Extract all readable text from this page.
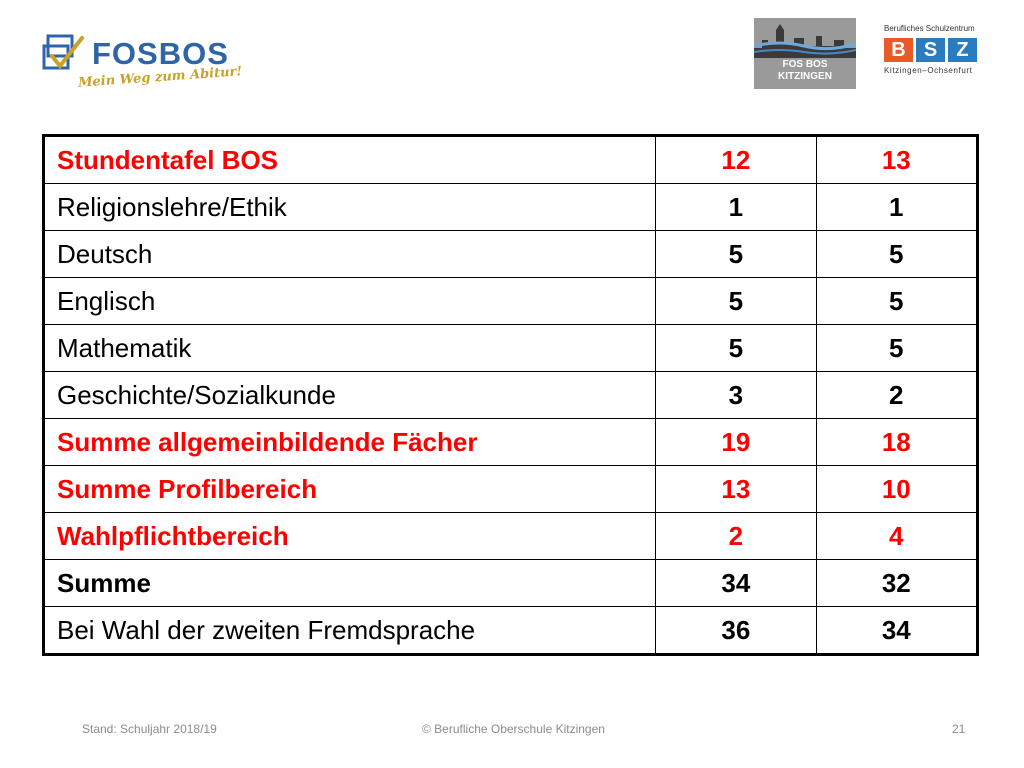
FOSBOS
Mein Weg zum Abitur!	FOS BOS
KITZINGEN
Berufliches Schulzentrum
B S Z
Kitzingen–Ochsenfurt
Stundentafel BOS	12	13
Religionslehre/Ethik	1	1
Deutsch	5	5
Englisch	5	5
Mathematik	5	5
Geschichte/Sozialkunde	3	2
Summe allgemeinbildende Fächer	19	18
Summe Profilbereich	13	10
Wahlpflichtbereich	2	4
Summe	34	32
Bei Wahl der zweiten Fremdsprache	36	34
Stand: Schuljahr 2018/19	© Berufliche Oberschule Kitzingen	21
